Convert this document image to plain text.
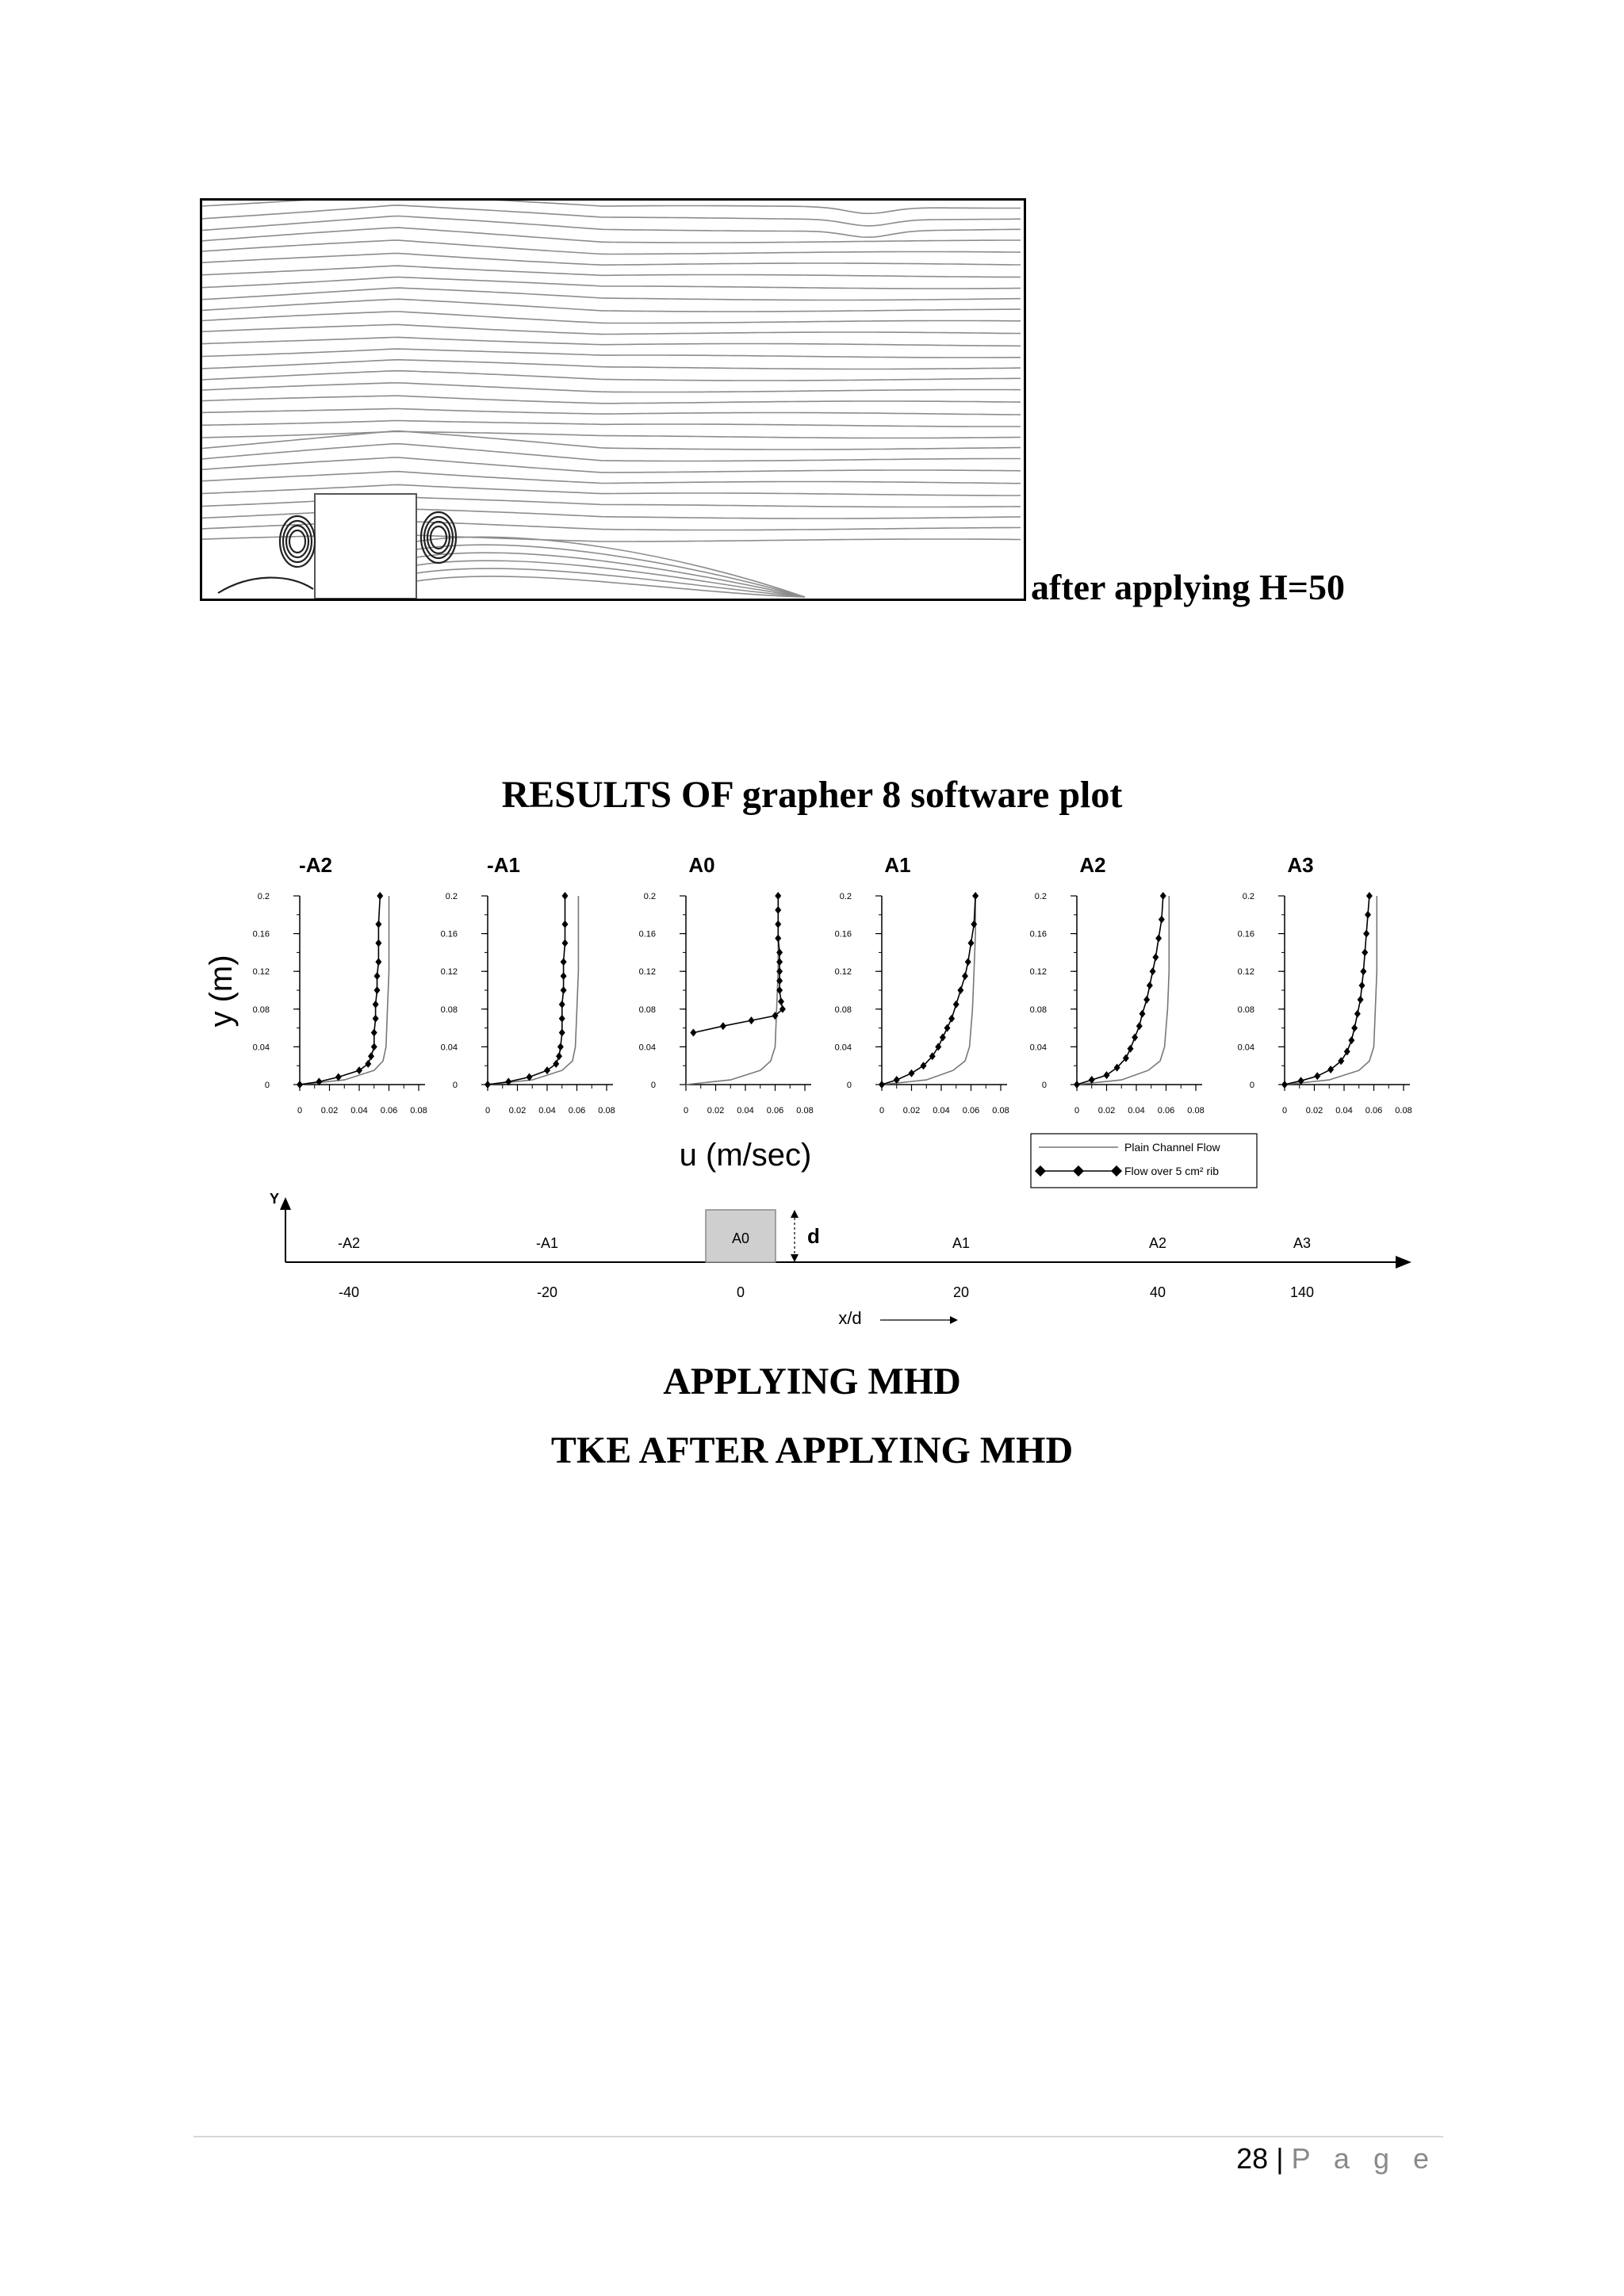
after applying H=50
RESULTS OF grapher 8 software plot
-A2
0
0.04
0.08
0.12
0.16
0.2
0 0.02 0.04 0.06 0.08
-A1
0
0.04
0.08
0.12
0.16
0.2
0 0.02 0.04 0.06 0.08
A0
0
0.04
0.08
0.12
0.16
0.2
0 0.02 0.04 0.06 0.08
A1
0
0.04
0.08
0.12
0.16
0.2
0 0.02 0.04 0.06 0.08
A2
0
0.04
0.08
0.12
0.16
0.2
0 0.02 0.04 0.06 0.08
A3
0
0.04
0.08
0.12
0.16
0.2
0 0.02 0.04 0.06 0.08
y (m)
u (m/sec)	Plain Channel Flow
Flow over 5 cm² rib
Y
A0	d
-A2
-40
-A1
-20	0
A1
20
A2
40
A3
140
x/d
APPLYING MHD
TKE AFTER APPLYING MHD
28 | P a g e
